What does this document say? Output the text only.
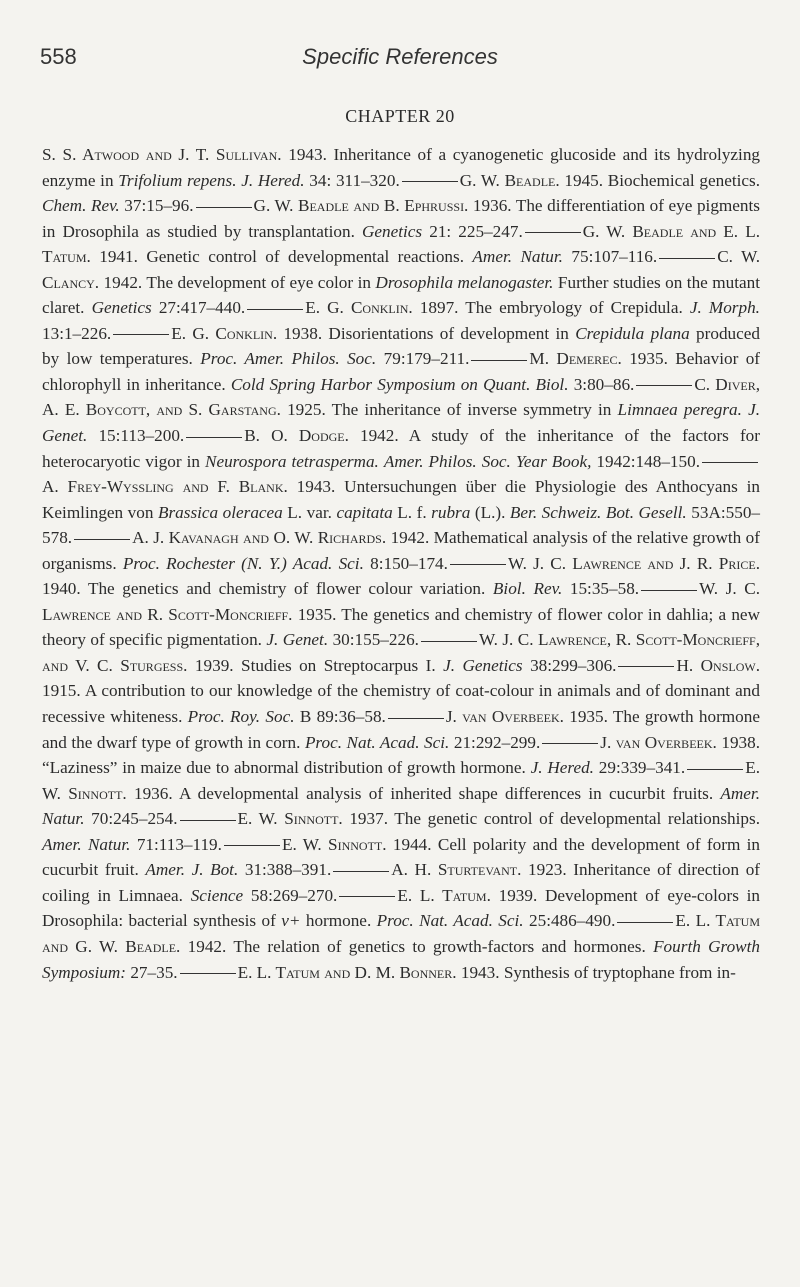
558	Specific References
CHAPTER 20

S. S. Atwood and J. T. Sullivan. 1943. Inheritance of a cyanogenetic glucoside and its hydrolyzing enzyme in Trifolium repens. J. Hered. 34: 311–320.	G. W. Beadle. 1945. Biochemical genetics. Chem. Rev. 37:15–96.	G. W. Beadle and B. Ephrussi. 1936. The differentiation of eye pigments in Drosophila as studied by transplantation. Genetics 21: 225–247.	G. W. Beadle and E. L. Tatum. 1941. Genetic control of developmental reactions. Amer. Natur. 75:107–116.	C. W. Clancy. 1942. The development of eye color in Drosophila melanogaster. Further studies on the mutant claret. Genetics 27:417–440.	E. G. Conklin. 1897. The embryology of Crepidula. J. Morph. 13:1–226.	E. G. Conklin. 1938. Disorientations of development in Crepidula plana produced by low temperatures. Proc. Amer. Philos. Soc. 79:179–211.	M. Demerec. 1935. Behavior of chlorophyll in inheritance. Cold Spring Harbor Symposium on Quant. Biol. 3:80–86.	C. Diver, A. E. Boycott, and S. Garstang. 1925. The inheritance of inverse symmetry in Limnaea peregra. J. Genet. 15:113–200.	B. O. Dodge. 1942. A study of the inheritance of the factors for heterocaryotic vigor in Neurospora tetrasperma. Amer. Philos. Soc. Year Book, 1942:148–150.A. Frey-Wyssling and F. Blank. 1943. Untersuchungen über die Physiologie des Anthocyans in Keimlingen von Brassica oleracea L. var. capitata L. f. rubra (L.). Ber. Schweiz. Bot. Gesell. 53A:550–578.	A. J. Kavanagh and O. W. Richards. 1942. Mathematical analysis of the relative growth of organisms. Proc. Rochester (N. Y.) Acad. Sci. 8:150–174.	W. J. C. Lawrence and J. R. Price. 1940. The genetics and chemistry of flower colour variation. Biol. Rev. 15:35–58.	W. J. C. Lawrence and R. Scott-Moncrieff. 1935. The genetics and chemistry of flower color in dahlia; a new theory of specific pigmentation. J. Genet. 30:155–226.	W. J. C. Lawrence, R. Scott-Moncrieff, and V. C. Sturgess. 1939. Studies on Streptocarpus I. J. Genetics 38:299–306.	H. Onslow. 1915. A contribution to our knowledge of the chemistry of coat-colour in animals and of dominant and recessive whiteness. Proc. Roy. Soc. B 89:36–58.	J. van Overbeek. 1935. The growth hormone and the dwarf type of growth in corn. Proc. Nat. Acad. Sci. 21:292–299.	J. van Overbeek. 1938. “Laziness” in maize due to abnormal distribution of growth hormone. J. Hered. 29:339–341.	E. W. Sinnott. 1936. A developmental analysis of inherited shape differences in cucurbit fruits. Amer. Natur. 70:245–254.	E. W. Sinnott. 1937. The genetic control of developmental relationships. Amer. Natur. 71:113–119.	E. W. Sinnott. 1944. Cell polarity and the development of form in cucurbit fruit. Amer. J. Bot. 31:388–391.	A. H. Sturtevant. 1923. Inheritance of direction of coiling in Limnaea. Science 58:269–270.	E. L. Tatum. 1939. Development of eye-colors in Drosophila: bacterial synthesis of v+ hormone. Proc. Nat. Acad. Sci. 25:486–490.	E. L. Tatum and G. W. Beadle. 1942. The relation of genetics to growth-factors and hormones. Fourth Growth Symposium: 27–35.	E. L. Tatum and D. M. Bonner. 1943. Synthesis of tryptophane from in-
